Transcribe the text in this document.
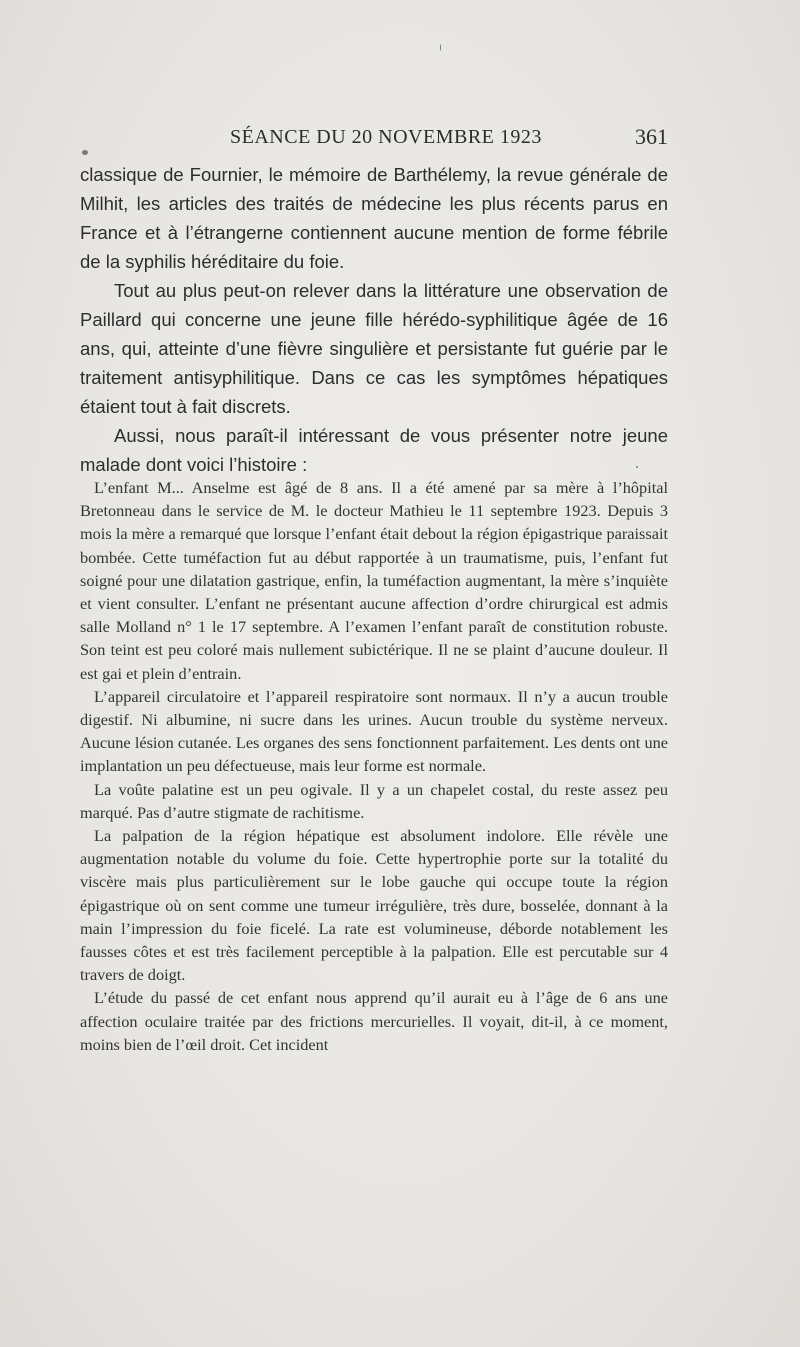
SÉANCE DU 20 NOVEMBRE 1923	361

classique de Fournier, le mémoire de Barthélemy, la revue générale de Milhit, les articles des traités de médecine les plus récents parus en France et à l’étrangerne contiennent aucune mention de forme fébrile de la syphilis héréditaire du foie.

Tout au plus peut-on relever dans la littérature une observation de Paillard qui concerne une jeune fille hérédo-syphilitique âgée de 16 ans, qui, atteinte d’une fièvre singulière et persistante fut guérie par le traitement antisyphilitique. Dans ce cas les symptômes hépatiques étaient tout à fait discrets.

Aussi, nous paraît-il intéressant de vous présenter notre jeune malade dont voici l’histoire :

L’enfant M... Anselme est âgé de 8 ans. Il a été amené par sa mère à l’hôpital Bretonneau dans le service de M. le docteur Mathieu le 11 septembre 1923. Depuis 3 mois la mère a remarqué que lorsque l’enfant était debout la région épigastrique paraissait bombée. Cette tuméfaction fut au début rapportée à un traumatisme, puis, l’enfant fut soigné pour une dilatation gastrique, enfin, la tuméfaction augmentant, la mère s’inquiète et vient consulter. L’enfant ne présentant aucune affection d’ordre chirurgical est admis salle Molland n° 1 le 17 septembre. A l’examen l’enfant paraît de constitution robuste. Son teint est peu coloré mais nullement subictérique. Il ne se plaint d’aucune douleur. Il est gai et plein d’entrain.

L’appareil circulatoire et l’appareil respiratoire sont normaux. Il n’y a aucun trouble digestif. Ni albumine, ni sucre dans les urines. Aucun trouble du système nerveux. Aucune lésion cutanée. Les organes des sens fonctionnent parfaitement. Les dents ont une implantation un peu défectueuse, mais leur forme est normale.

La voûte palatine est un peu ogivale. Il y a un chapelet costal, du reste assez peu marqué. Pas d’autre stigmate de rachitisme.

La palpation de la région hépatique est absolument indolore. Elle révèle une augmentation notable du volume du foie. Cette hypertrophie porte sur la totalité du viscère mais plus particulièrement sur le lobe gauche qui occupe toute la région épigastrique où on sent comme une tumeur irrégulière, très dure, bosselée, donnant à la main l’impression du foie ficelé. La rate est volumineuse, déborde notablement les fausses côtes et est très facilement perceptible à la palpation. Elle est percutable sur 4 travers de doigt.

L’étude du passé de cet enfant nous apprend qu’il aurait eu à l’âge de 6 ans une affection oculaire traitée par des frictions mercurielles. Il voyait, dit-il, à ce moment, moins bien de l’œil droit. Cet incident
